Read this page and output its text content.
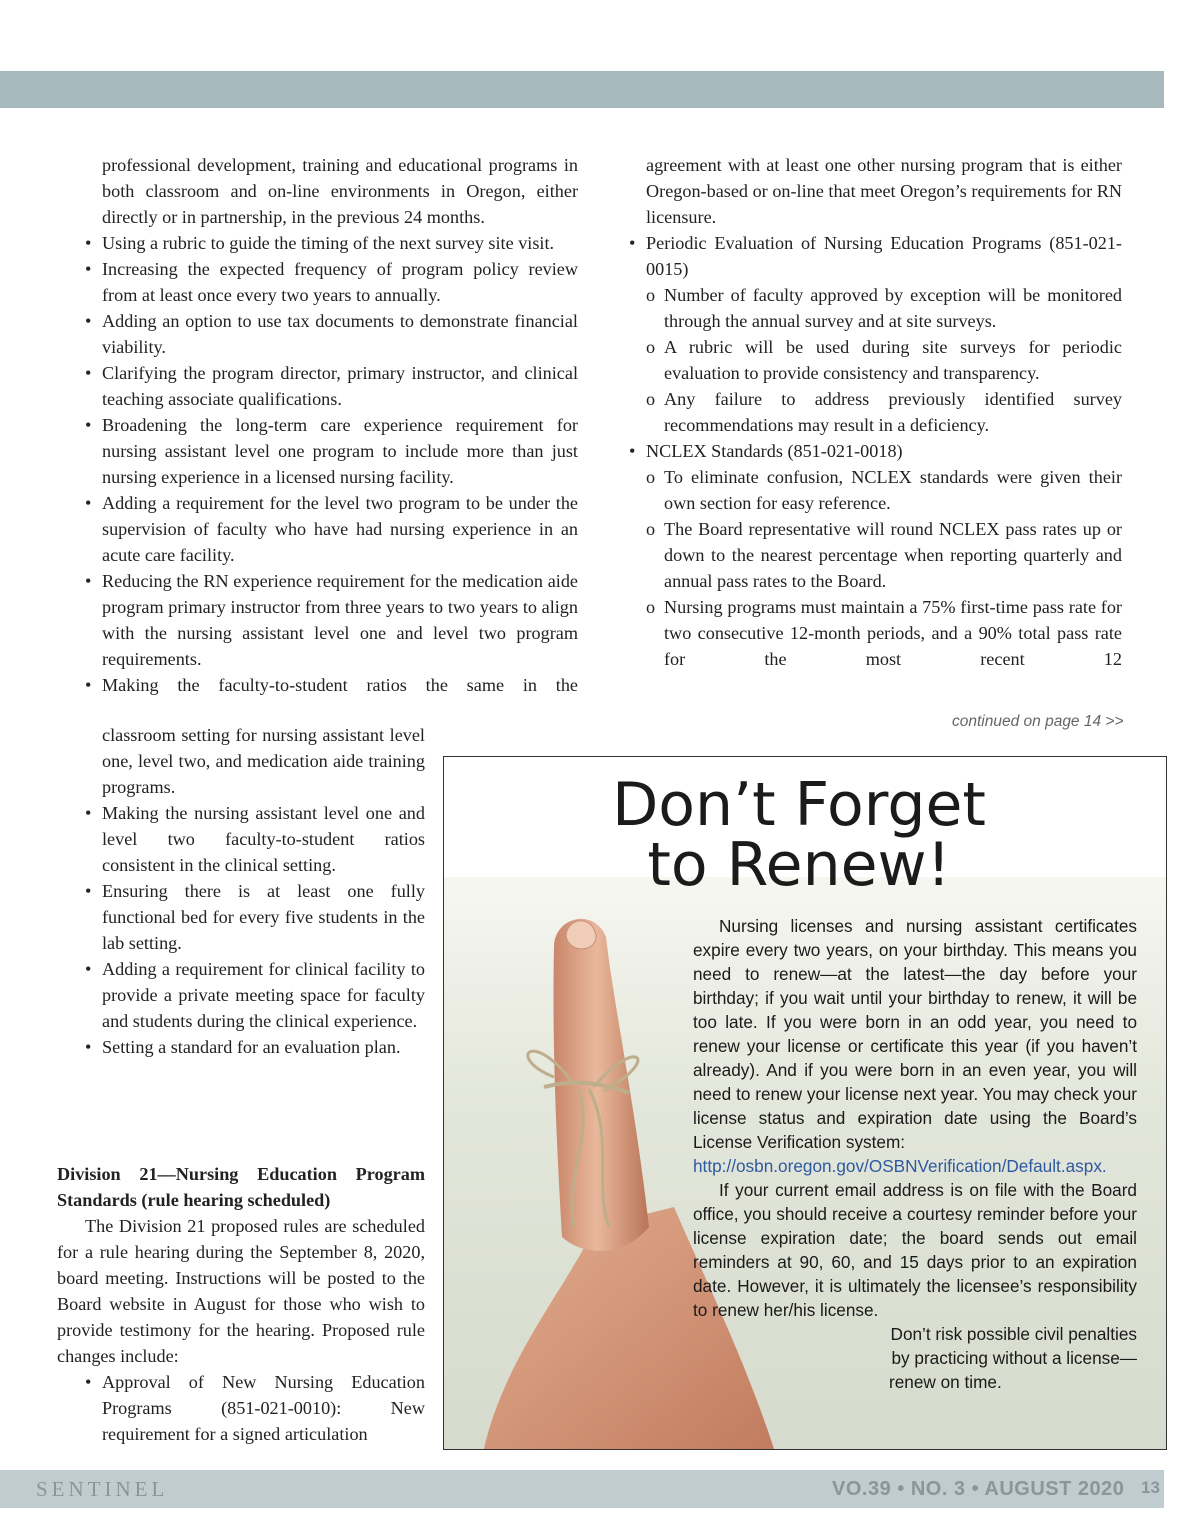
professional development, training and educational programs in both classroom and on-line environments in Oregon, either directly or in partnership, in the previous 24 months.

• Using a rubric to guide the timing of the next survey site visit.
• Increasing the expected frequency of program policy review from at least once every two years to annually.
• Adding an option to use tax documents to demonstrate financial viability.
• Clarifying the program director, primary instructor, and clinical teaching associate qualifications.
• Broadening the long-term care experience requirement for nursing assistant level one program to include more than just nursing experience in a licensed nursing facility.
• Adding a requirement for the level two program to be under the supervision of faculty who have had nursing experience in an acute care facility.
• Reducing the RN experience requirement for the medication aide program primary instructor from three years to two years to align with the nursing assistant level one and level two program requirements.
• Making the faculty-to-student ratios the same in the
classroom setting for nursing assistant level one, level two, and medication aide training programs.
• Making the nursing assistant level one and level two faculty-to-student ratios consistent in the clinical setting.
• Ensuring there is at least one fully functional bed for every five students in the lab setting.
• Adding a requirement for clinical facility to provide a private meeting space for faculty and students during the clinical experience.
• Setting a standard for an evaluation plan.

Division 21—Nursing Education Program Standards (rule hearing scheduled)

The Division 21 proposed rules are scheduled for a rule hearing during the September 8, 2020, board meeting. Instructions will be posted to the Board website in August for those who wish to provide testimony for the hearing. Proposed rule changes include:

• Approval of New Nursing Education Programs (851-021-0010): New requirement for a signed articulation

agreement with at least one other nursing program that is either Oregon-based or on-line that meet Oregon’s requirements for RN licensure.

• Periodic Evaluation of Nursing Education Programs (851-021-0015)
o Number of faculty approved by exception will be monitored through the annual survey and at site surveys.
o A rubric will be used during site surveys for periodic evaluation to provide consistency and transparency.
o Any failure to address previously identified survey recommendations may result in a deficiency.
• NCLEX Standards (851-021-0018)
o To eliminate confusion, NCLEX standards were given their own section for easy reference.
o The Board representative will round NCLEX pass rates up or down to the nearest percentage when reporting quarterly and annual pass rates to the Board.
o Nursing programs must maintain a 75% first-time pass rate for two consecutive 12-month periods, and a 90% total pass rate for the most recent 12
continued on page 14 >>
Don’t Forget
to Renew!

Nursing licenses and nursing assistant certificates expire every two years, on your birthday. This means you need to renew—at the latest—the day before your birthday; if you wait until your birthday to renew, it will be too late. If you were born in an odd year, you need to renew your license or certificate this year (if you haven’t already). And if you were born in an even year, you will need to renew your license next year. You may check your license status and expiration date using the Board’s License Verification system:

http://osbn.oregon.gov/OSBNVerification/Default.aspx.

If your current email address is on file with the Board office, you should receive a courtesy reminder before your license expiration date; the board sends out email reminders at 90, 60, and 15 days prior to an expiration date. However, it is ultimately the licensee’s responsibility to renew her/his license.

Don’t risk possible civil penalties

by practicing without a license—

renew on time.

SENTINEL	VO.39 • NO. 3 • AUGUST 2020 13
